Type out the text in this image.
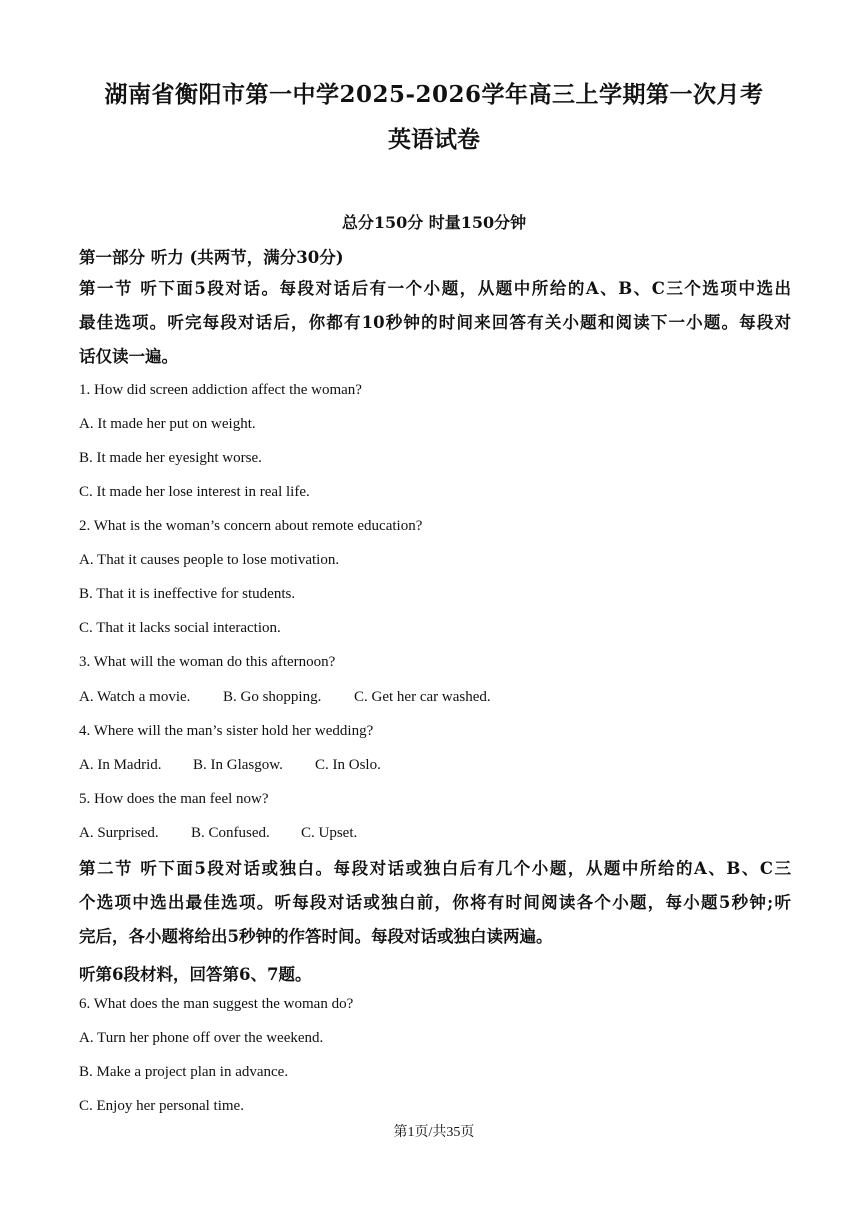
湖南省衡阳市第一中学2025-2026学年高三上学期第一次月考
英语试卷
总分150分 时量150分钟
第一部分 听力 (共两节，满分30分)
第一节 听下面5段对话。每段对话后有一个小题，从题中所给的A、B、C三个选项中选出
最佳选项。听完每段对话后，你都有10秒钟的时间来回答有关小题和阅读下一小题。每段对
话仅读一遍。
1. How did screen addiction affect the woman?
A. It made her put on weight.
B. It made her eyesight worse.
C. It made her lose interest in real life.
2. What is the woman’s concern about remote education?
A. That it causes people to lose motivation.
B. That it is ineffective for students.
C. That it lacks social interaction.
3. What will the woman do this afternoon?
A. Watch a movie. B. Go shopping. C. Get her car washed.
4. Where will the man’s sister hold her wedding?
A. In Madrid. B. In Glasgow. C. In Oslo.
5. How does the man feel now?
A. Surprised. B. Confused. C. Upset.
第二节 听下面5段对话或独白。每段对话或独白后有几个小题，从题中所给的A、B、C三
个选项中选出最佳选项。听每段对话或独白前，你将有时间阅读各个小题，每小题5秒钟;听
完后，各小题将给出5秒钟的作答时间。每段对话或独白读两遍。
听第6段材料，回答第6、7题。
6. What does the man suggest the woman do?
A. Turn her phone off over the weekend.
B. Make a project plan in advance.
C. Enjoy her personal time.
第1页/共35页
